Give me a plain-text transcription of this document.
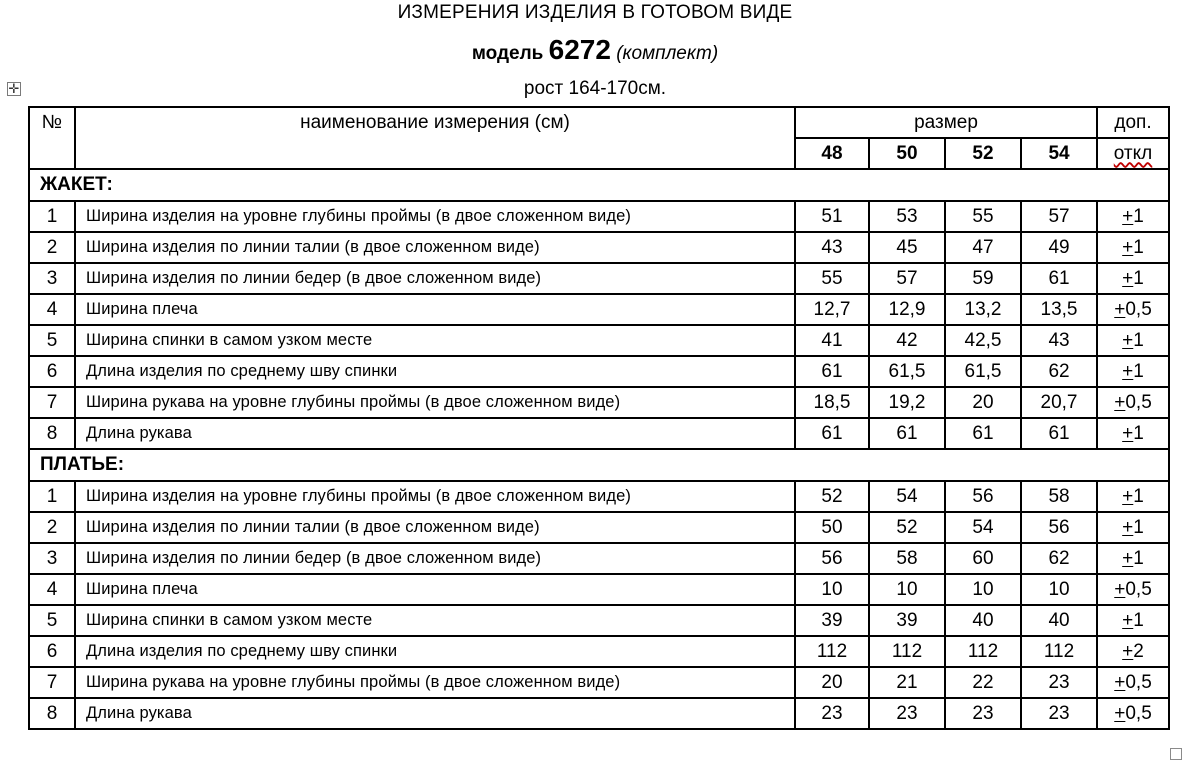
ИЗМЕРЕНИЯ ИЗДЕЛИЯ В ГОТОВОМ ВИДЕ
модель 6272 (комплект)
рост 164-170см.
✛
№	наименование измерения (см)	размер				доп.
		48	50	52	54	откл
ЖАКЕТ:						
1	Ширина изделия на уровне глубины проймы (в двое сложенном виде)	51	53	55	57	+1
2	Ширина изделия по линии талии (в двое сложенном виде)	43	45	47	49	+1
3	Ширина изделия по линии бедер (в двое сложенном виде)	55	57	59	61	+1
4	Ширина плеча	12,7	12,9	13,2	13,5	+0,5
5	Ширина спинки в самом узком месте	41	42	42,5	43	+1
6	Длина изделия по среднему шву спинки	61	61,5	61,5	62	+1
7	Ширина рукава на уровне глубины проймы (в двое сложенном виде)	18,5	19,2	20	20,7	+0,5
8	Длина рукава	61	61	61	61	+1
ПЛАТЬЕ:						
1	Ширина изделия на уровне глубины проймы (в двое сложенном виде)	52	54	56	58	+1
2	Ширина изделия по линии талии (в двое сложенном виде)	50	52	54	56	+1
3	Ширина изделия по линии бедер (в двое сложенном виде)	56	58	60	62	+1
4	Ширина плеча	10	10	10	10	+0,5
5	Ширина спинки в самом узком месте	39	39	40	40	+1
6	Длина изделия по среднему шву спинки	112	112	112	112	+2
7	Ширина рукава на уровне глубины проймы (в двое сложенном виде)	20	21	22	23	+0,5
8	Длина рукава	23	23	23	23	+0,5
